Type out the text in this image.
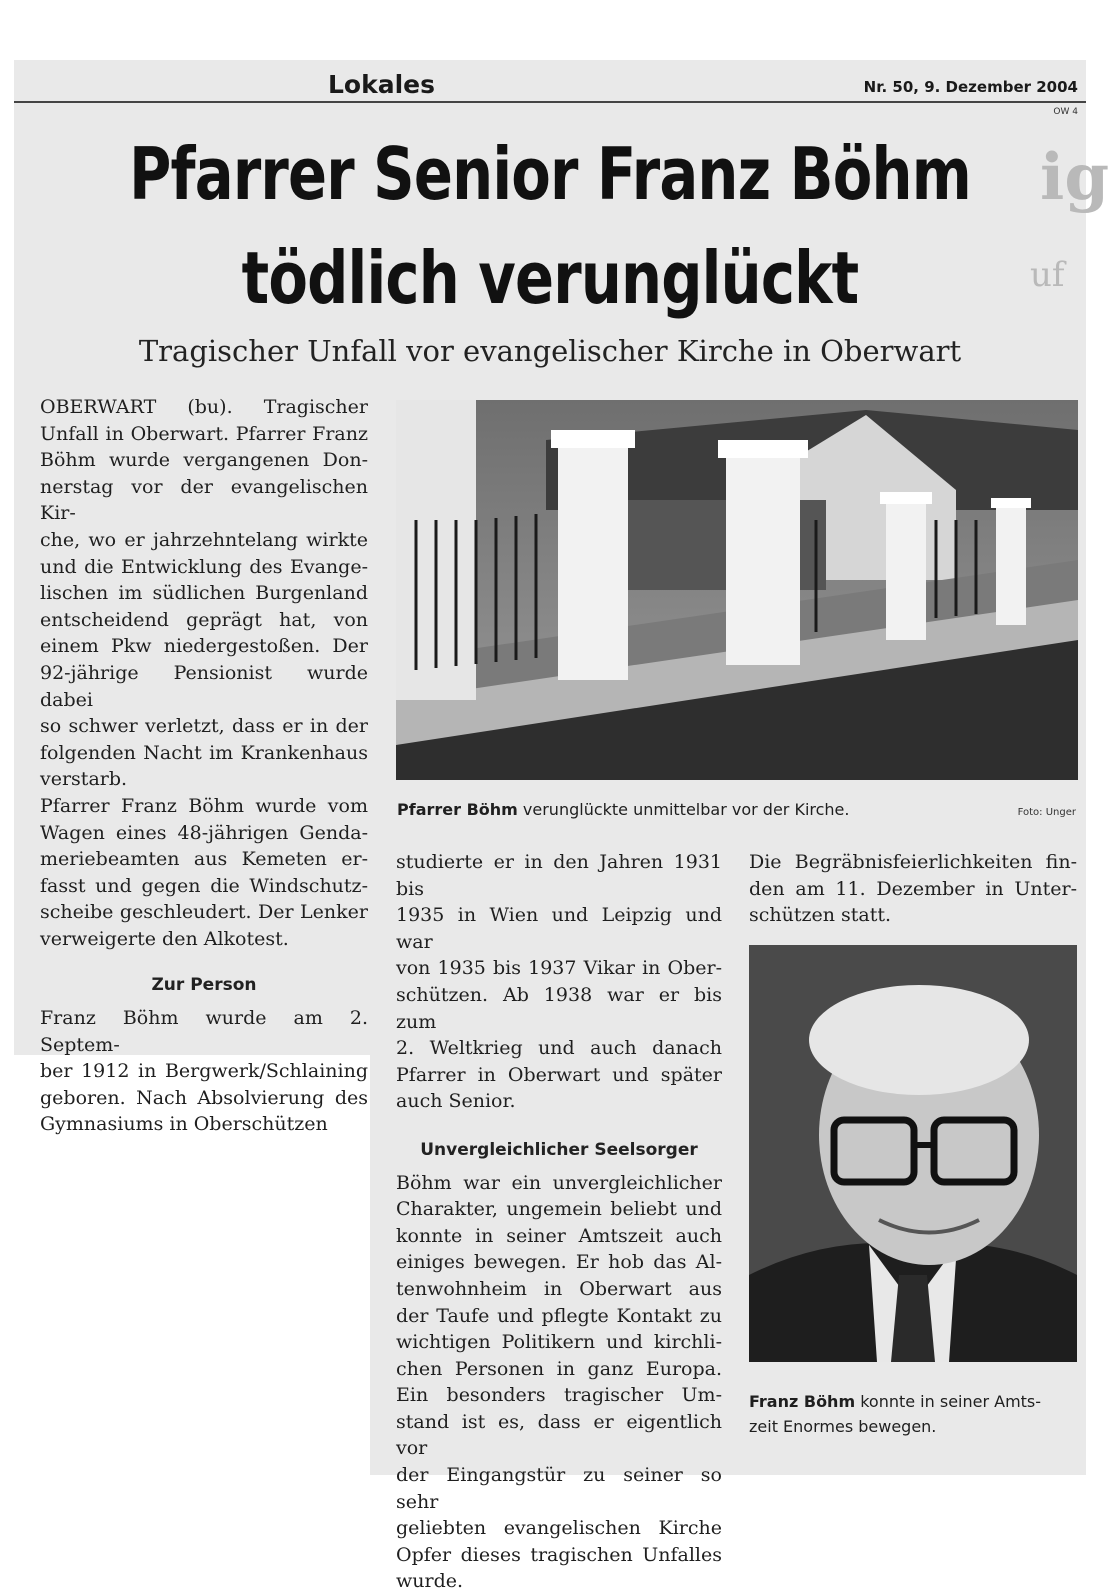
ig
uf
Lokales	Nr. 50, 9. Dezember 2004
OW 4
Pfarrer Senior Franz Böhm
tödlich verunglückt
Tragischer Unfall vor evangelischer Kirche in Oberwart

OBERWART (bu). Tragischer

Unfall in Oberwart. Pfarrer Franz

Böhm wurde vergangenen Don-

nerstag vor der evangelischen Kir-

che, wo er jahrzehntelang wirkte

und die Entwicklung des Evange-

lischen im südlichen Burgenland

entscheidend geprägt hat, von

einem Pkw niedergestoßen. Der

92-jährige Pensionist wurde dabei

so schwer verletzt, dass er in der

folgenden Nacht im Krankenhaus

verstarb.

Pfarrer Franz Böhm wurde vom

Wagen eines 48-jährigen Genda-

meriebeamten aus Kemeten er-

fasst und gegen die Windschutz-

scheibe geschleudert. Der Lenker

verweigerte den Alkotest.

Zur Person

Franz Böhm wurde am 2. Septem-

ber 1912 in Bergwerk/Schlaining

geboren. Nach Absolvierung des

Gymnasiums in Oberschützen

Pfarrer Böhm verunglückte unmittelbar vor der Kirche.	Foto: Unger

studierte er in den Jahren 1931 bis

1935 in Wien und Leipzig und war

von 1935 bis 1937 Vikar in Ober-

schützen. Ab 1938 war er bis zum

2. Weltkrieg und auch danach

Pfarrer in Oberwart und später

auch Senior.

Unvergleichlicher Seelsorger

Böhm war ein unvergleichlicher

Charakter, ungemein beliebt und

konnte in seiner Amtszeit auch

einiges bewegen. Er hob das Al-

tenwohnheim in Oberwart aus

der Taufe und pflegte Kontakt zu

wichtigen Politikern und kirchli-

chen Personen in ganz Europa.

Ein besonders tragischer Um-

stand ist es, dass er eigentlich vor

der Eingangstür zu seiner so sehr

geliebten evangelischen Kirche

Opfer dieses tragischen Unfalles

wurde.

Die Begräbnisfeierlichkeiten fin-

den am 11. Dezember in Unter-

schützen statt.

Franz Böhm konnte in seiner Amts-
zeit Enormes bewegen.
